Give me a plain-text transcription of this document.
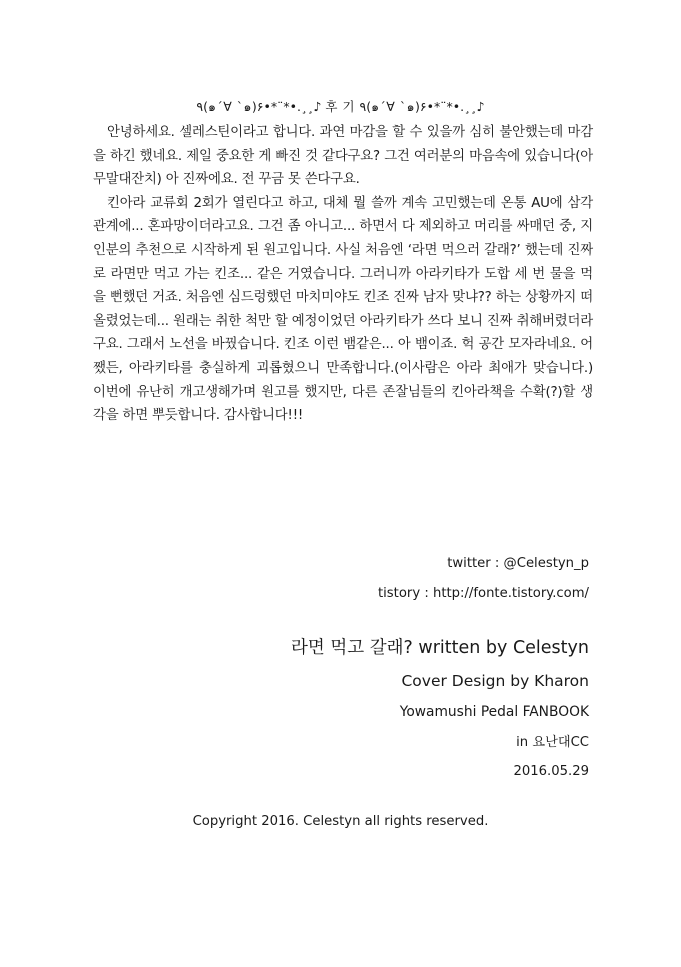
٩(๑´∀ `๑)۶•*¨*•.¸¸♪ 후 기 ٩(๑´∀ `๑)۶•*¨*•.¸¸♪

안녕하세요. 셀레스틴이라고 합니다. 과연 마감을 할 수 있을까 심히 불안했는데 마감을 하긴 했네요. 제일 중요한 게 빠진 것 같다구요? 그건 여러분의 마음속에 있습니다(아무말대잔치) 아 진짜에요. 전 꾸금 못 쓴다구요.

킨아라 교류회 2회가 열린다고 하고, 대체 뭘 쓸까 계속 고민했는데 온통 AU에 삼각관계에... 혼파망이더라고요. 그건 좀 아니고... 하면서 다 제외하고 머리를 싸매던 중, 지인분의 추천으로 시작하게 된 원고입니다. 사실 처음엔 ‘라면 먹으러 갈래?’ 했는데 진짜로 라면만 먹고 가는 킨조... 같은 거였습니다. 그러니까 아라키타가 도합 세 번 물을 먹을 뻔했던 거죠. 처음엔 심드렁했던 마치미야도 킨조 진짜 남자 맞냐?? 하는 상황까지 떠올렸었는데... 원래는 취한 척만 할 예정이었던 아라키타가 쓰다 보니 진짜 취해버렸더라구요. 그래서 노선을 바꿨습니다. 킨조 이런 뱀같은... 아 뱀이죠. 헉 공간 모자라네요. 어쨌든, 아라키타를 충실하게 괴롭혔으니 만족합니다.(이사람은 아라 최애가 맞습니다.) 이번에 유난히 개고생해가며 원고를 했지만, 다른 존잘님들의 킨아라책을 수확(?)할 생각을 하면 뿌듯합니다. 감사합니다!!!

twitter : @Celestyn_p
tistory : http://fonte.tistory.com/
라면 먹고 갈래? written by Celestyn
Cover Design by Kharon
Yowamushi Pedal FANBOOK
in 요난대CC
2016.05.29
Copyright 2016. Celestyn all rights reserved.
